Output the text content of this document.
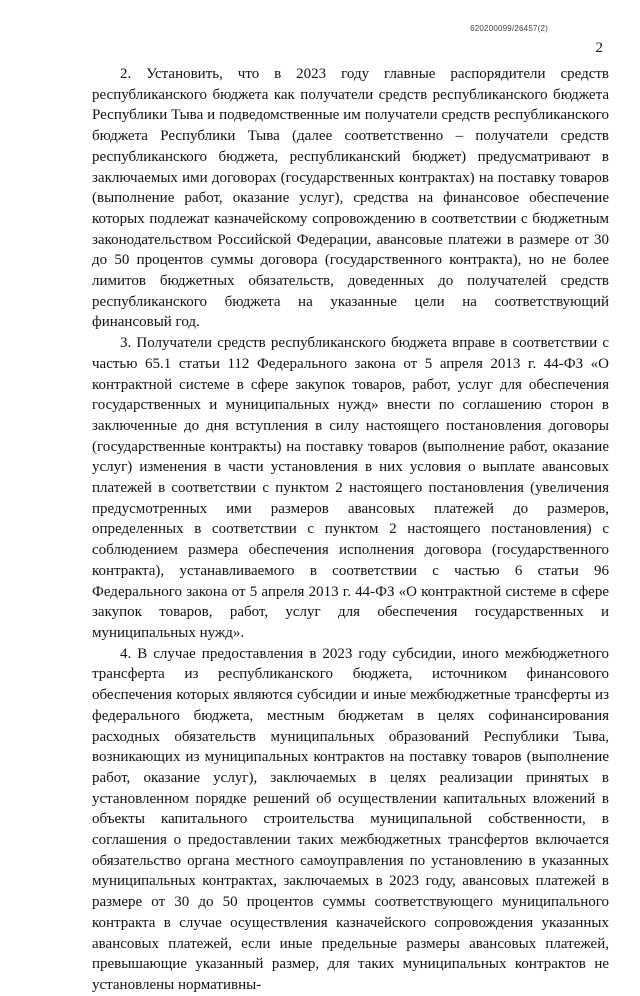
620200099/26457(2)
2

2. Установить, что в 2023 году главные распорядители средств республиканского бюджета как получатели средств республиканского бюджета Республики Тыва и подведомственные им получатели средств республиканского бюджета Республики Тыва (далее соответственно – получатели средств республиканского бюджета, республиканский бюджет) предусматривают в заключаемых ими договорах (государственных контрактах) на поставку товаров (выполнение работ, оказание услуг), средства на финансовое обеспечение которых подлежат казначейскому сопровождению в соответствии с бюджетным законодательством Российской Федерации, авансовые платежи в размере от 30 до 50 процентов суммы договора (государственного контракта), но не более лимитов бюджетных обязательств, доведенных до получателей средств республиканского бюджета на указанные цели на соответствующий финансовый год.

3. Получатели средств республиканского бюджета вправе в соответствии с частью 65.1 статьи 112 Федерального закона от 5 апреля 2013 г. 44-ФЗ «О контрактной системе в сфере закупок товаров, работ, услуг для обеспечения государственных и муниципальных нужд» внести по соглашению сторон в заключенные до дня вступления в силу настоящего постановления договоры (государственные контракты) на поставку товаров (выполнение работ, оказание услуг) изменения в части установления в них условия о выплате авансовых платежей в соответствии с пунктом 2 настоящего постановления (увеличения предусмотренных ими размеров авансовых платежей до размеров, определенных в соответствии с пунктом 2 настоящего постановления) с соблюдением размера обеспечения исполнения договора (государственного контракта), устанавливаемого в соответствии с частью 6 статьи 96 Федерального закона от 5 апреля 2013 г. 44-ФЗ «О контрактной системе в сфере закупок товаров, работ, услуг для обеспечения государственных и муниципальных нужд».

4. В случае предоставления в 2023 году субсидии, иного межбюджетного трансферта из республиканского бюджета, источником финансового обеспечения которых являются субсидии и иные межбюджетные трансферты из федерального бюджета, местным бюджетам в целях софинансирования расходных обязательств муниципальных образований Республики Тыва, возникающих из муниципальных контрактов на поставку товаров (выполнение работ, оказание услуг), заключаемых в целях реализации принятых в установленном порядке решений об осуществлении капитальных вложений в объекты капитального строительства муниципальной собственности, в соглашения о предоставлении таких межбюджетных трансфертов включается обязательство органа местного самоуправления по установлению в указанных муниципальных контрактах, заключаемых в 2023 году, авансовых платежей в размере от 30 до 50 процентов суммы соответствующего муниципального контракта в случае осуществления казначейского сопровождения указанных авансовых платежей, если иные предельные размеры авансовых платежей, превышающие указанный размер, для таких муниципальных контрактов не установлены нормативны-
